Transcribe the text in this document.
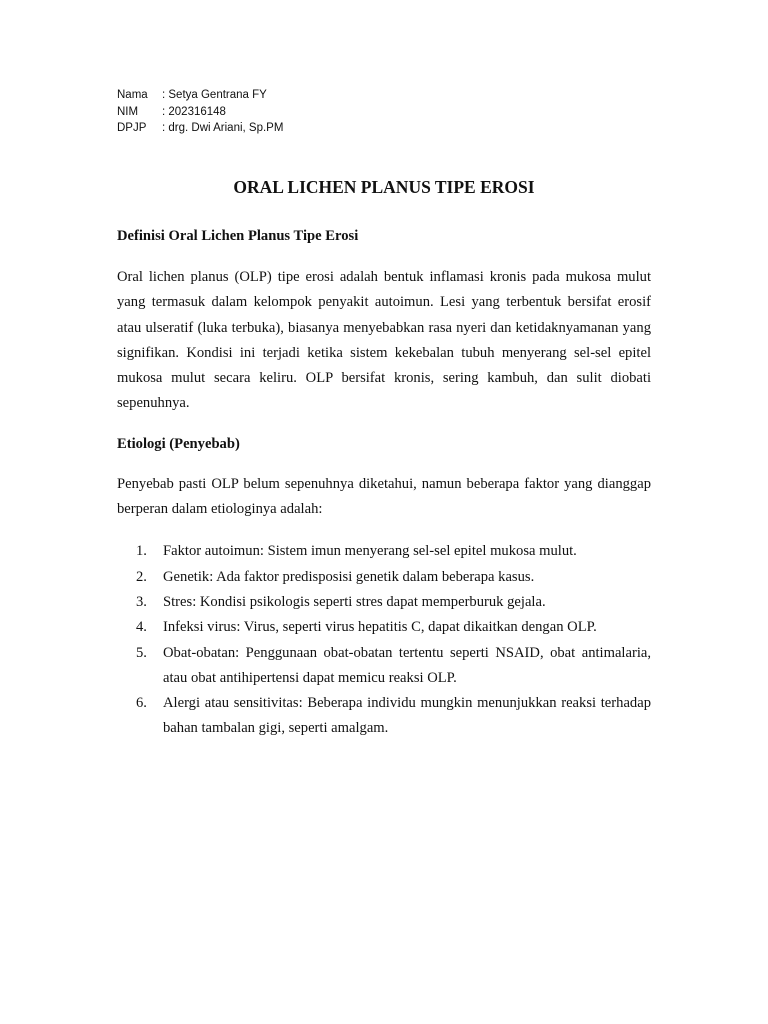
Nama	: Setya Gentrana FY
NIM	: 202316148
DPJP	: drg. Dwi Ariani, Sp.PM
ORAL LICHEN PLANUS TIPE EROSI
Definisi Oral Lichen Planus Tipe Erosi

Oral lichen planus (OLP) tipe erosi adalah bentuk inflamasi kronis pada mukosa mulut yang termasuk dalam kelompok penyakit autoimun. Lesi yang terbentuk bersifat erosif atau ulseratif (luka terbuka), biasanya menyebabkan rasa nyeri dan ketidaknyamanan yang signifikan. Kondisi ini terjadi ketika sistem kekebalan tubuh menyerang sel-sel epitel mukosa mulut secara keliru. OLP bersifat kronis, sering kambuh, dan sulit diobati sepenuhnya.

Etiologi (Penyebab)

Penyebab pasti OLP belum sepenuhnya diketahui, namun beberapa faktor yang dianggap berperan dalam etiologinya adalah:

1.	Faktor autoimun: Sistem imun menyerang sel-sel epitel mukosa mulut.
2.	Genetik: Ada faktor predisposisi genetik dalam beberapa kasus.
3.	Stres: Kondisi psikologis seperti stres dapat memperburuk gejala.
4.	Infeksi virus: Virus, seperti virus hepatitis C, dapat dikaitkan dengan OLP.
5.	Obat-obatan: Penggunaan obat-obatan tertentu seperti NSAID, obat antimalaria, atau obat antihipertensi dapat memicu reaksi OLP.
6.	Alergi atau sensitivitas: Beberapa individu mungkin menunjukkan reaksi terhadap bahan tambalan gigi, seperti amalgam.
